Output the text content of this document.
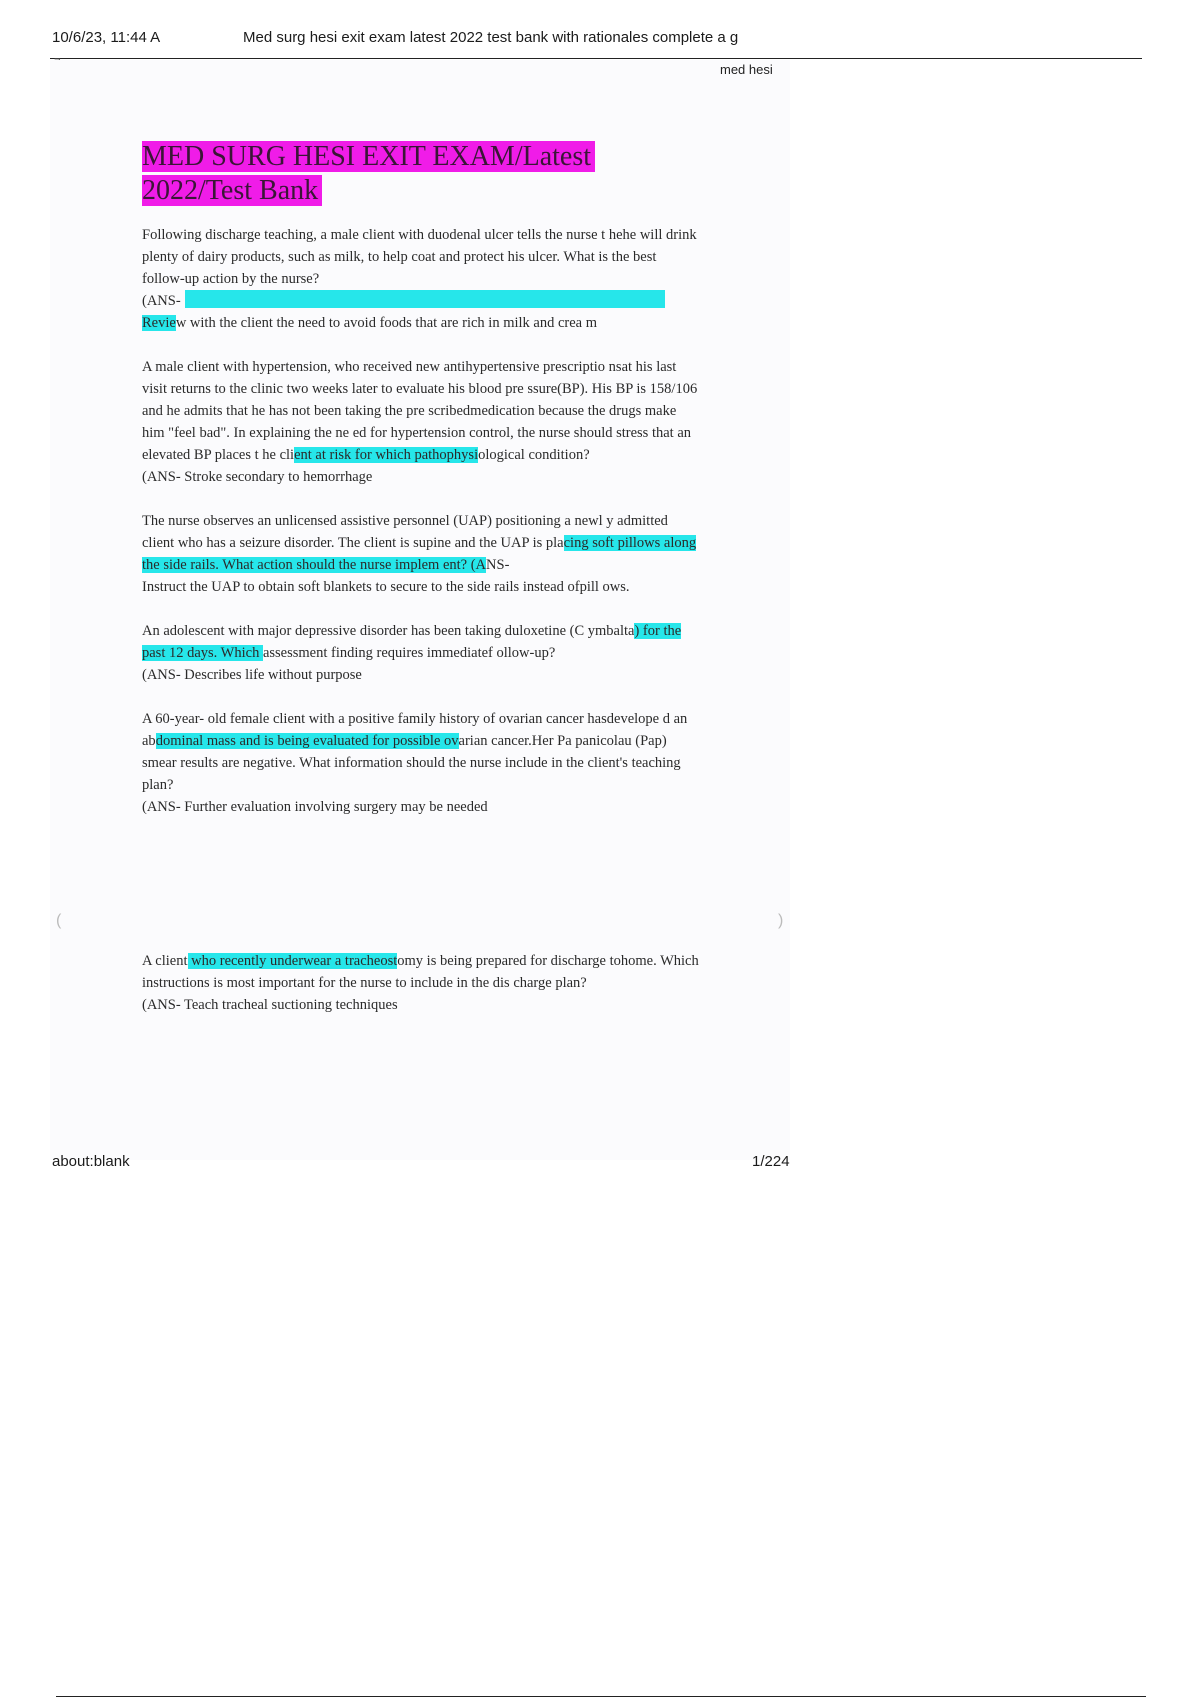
10/6/23, 11:44 A	Med surg hesi exit exam latest 2022 test bank with rationales complete a g
med hesi
(	)
MED SURG HESI EXIT EXAM/Latest
2022/Test Bank

Following discharge teaching, a male client with duodenal ulcer tells the nurse t hehe will drink plenty of dairy products, such as milk, to help coat and protect his ulcer. What is the best follow-up action by the nurse?

(ANS-
Review with the client the need to avoid foods that are rich in milk and crea m

A male client with hypertension, who received new antihypertensive prescriptio nsat his last visit returns to the clinic two weeks later to evaluate his blood pre ssure(BP). His BP is 158/106 and he admits that he has not been taking the pre scribedmedication because the drugs make him "feel bad". In explaining the ne ed for hypertension control, the nurse should stress that an elevated BP places t he client at risk for which pathophysiological condition?

(ANS- Stroke secondary to hemorrhage

The nurse observes an unlicensed assistive personnel (UAP) positioning a newl y admitted client who has a seizure disorder. The client is supine and the UAP is placing soft pillows along the side rails. What action should the nurse implem ent? (ANS-

Instruct the UAP to obtain soft blankets to secure to the side rails instead ofpill ows.

An adolescent with major depressive disorder has been taking duloxetine (C ymbalta) for the past 12 days. Which assessment finding requires immediatef ollow-up?

(ANS- Describes life without purpose

A 60-year- old female client with a positive family history of ovarian cancer hasdevelope d an abdominal mass and is being evaluated for possible ovarian cancer.Her Pa panicolau (Pap) smear results are negative. What information should the nurse include in the client's teaching plan?

(ANS- Further evaluation involving surgery may be needed

A client who recently underwear a tracheostomy is being prepared for discharge tohome. Which instructions is most important for the nurse to include in the dis charge plan?

(ANS- Teach tracheal suctioning techniques

about:blank	1/224
